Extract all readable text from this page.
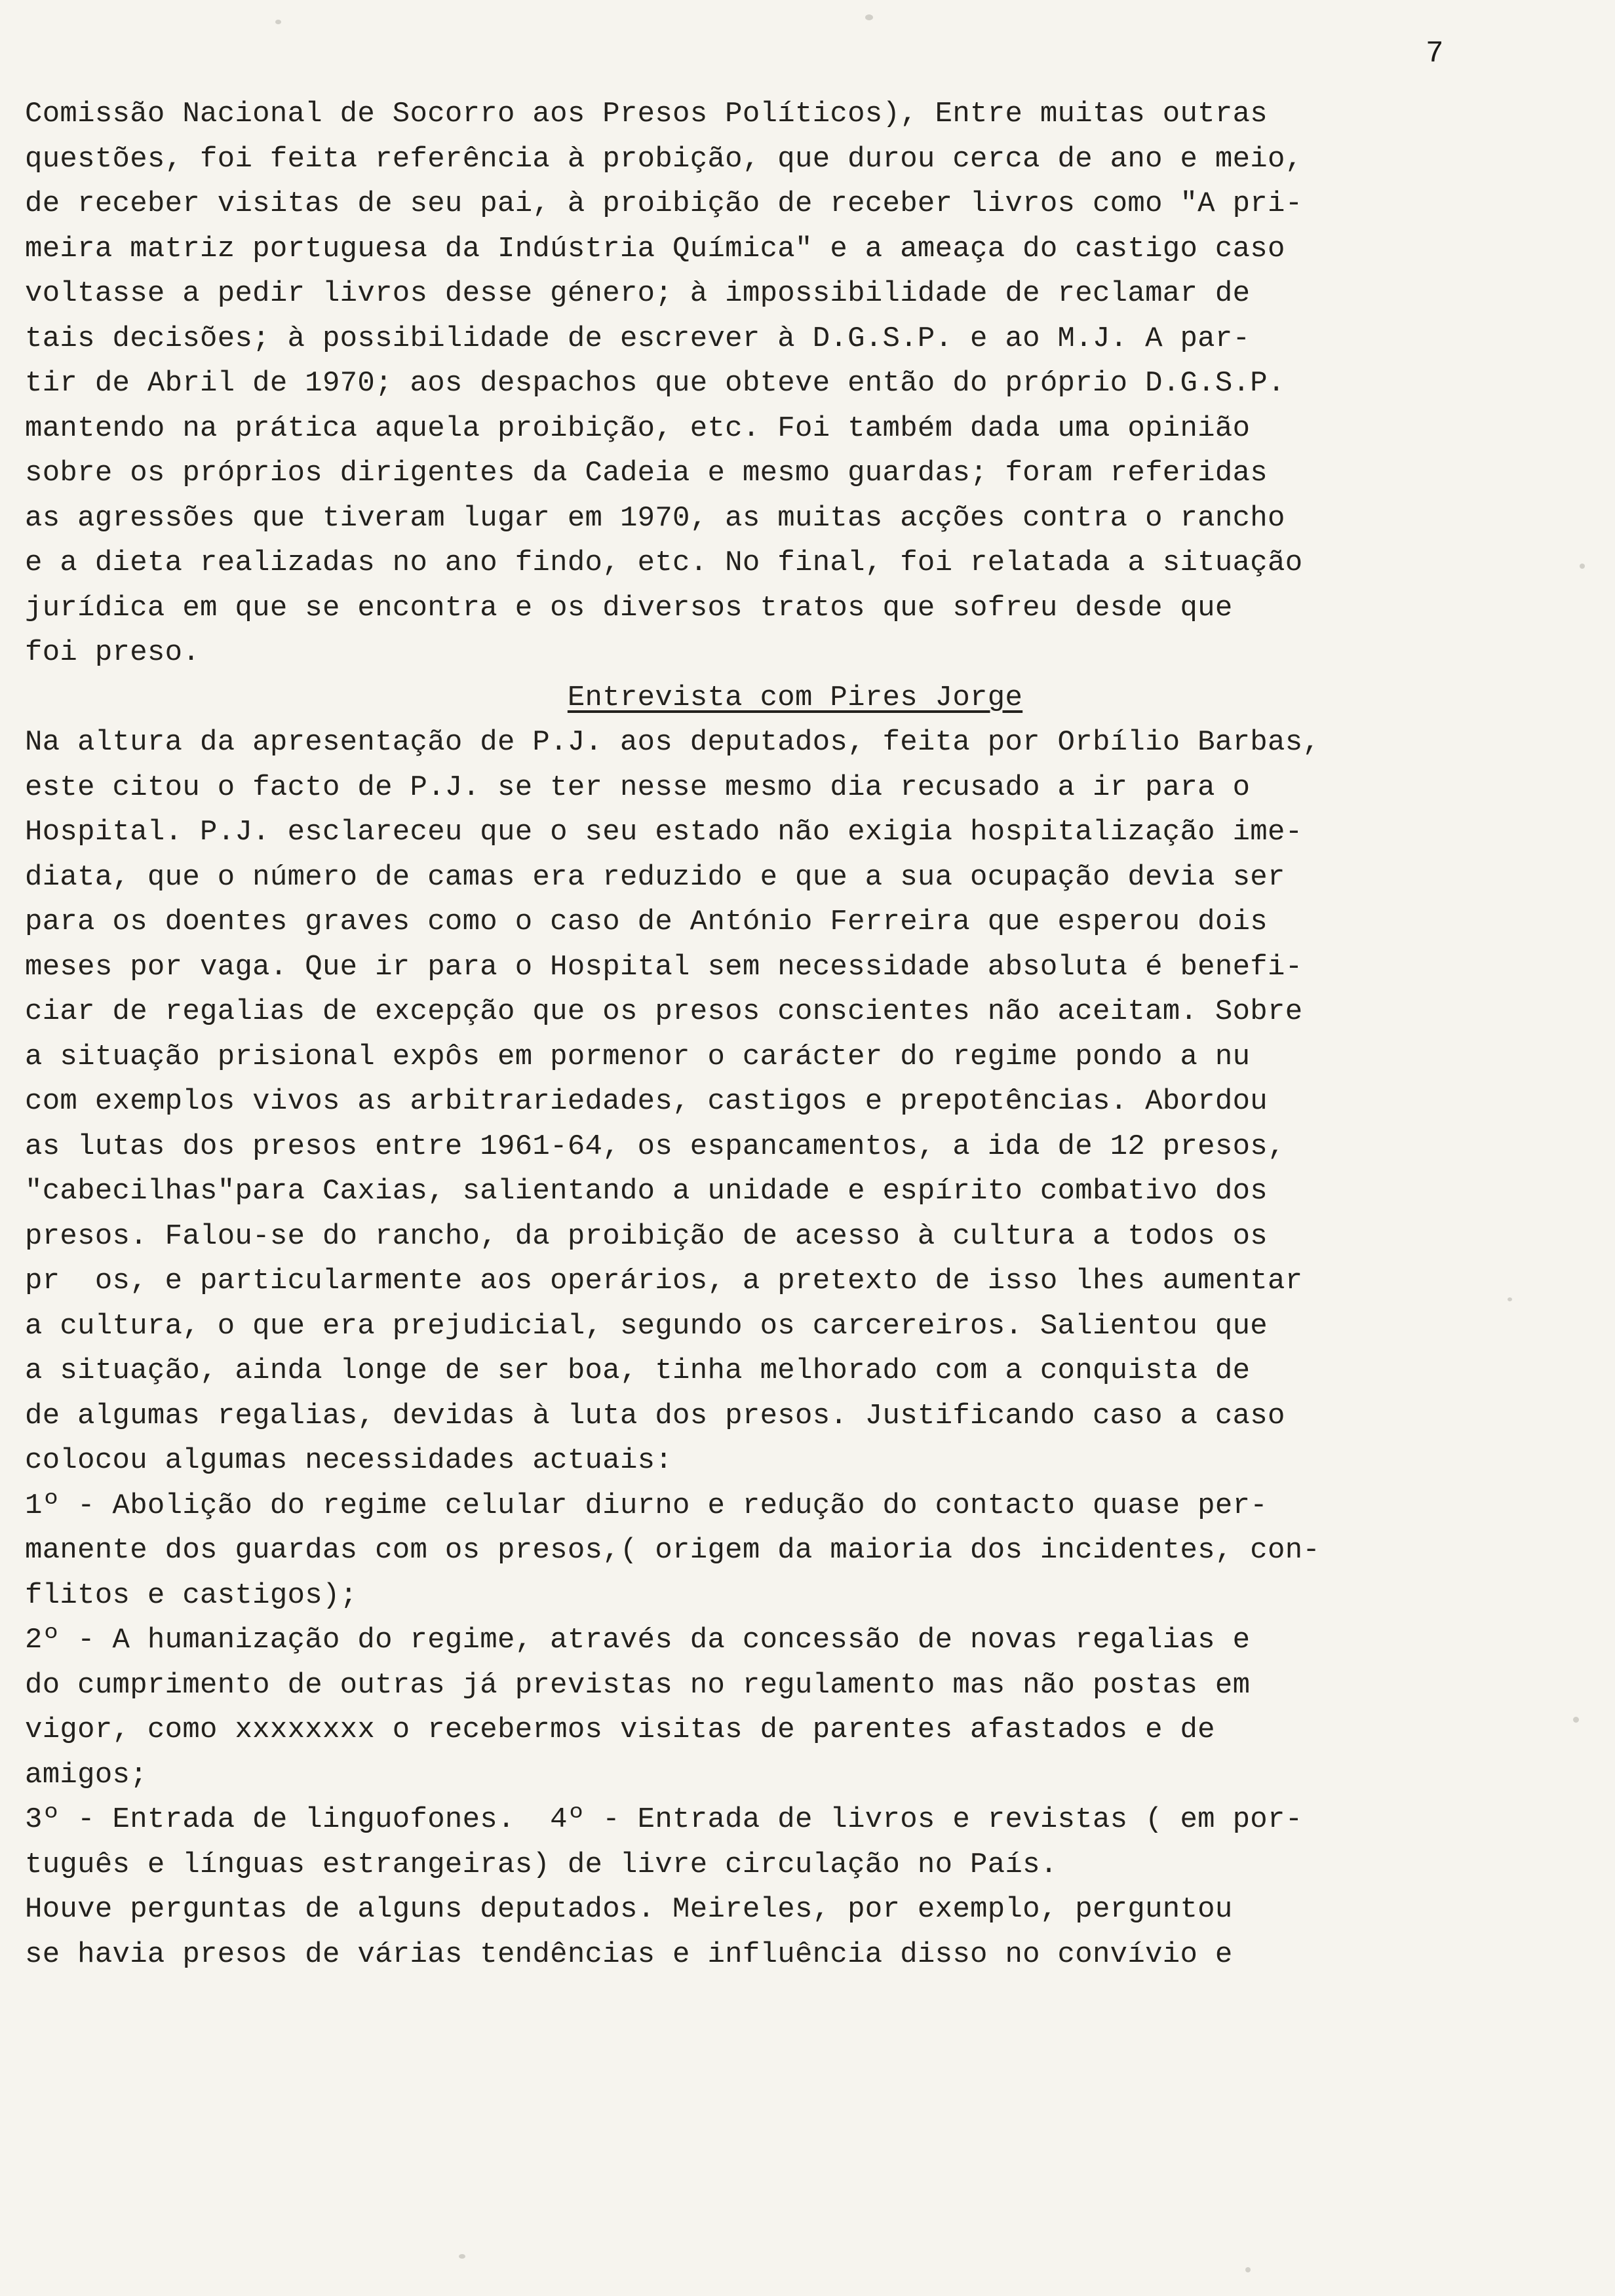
7
Comissão Nacional de Socorro aos Presos Políticos), Entre muitas outras
questões, foi feita referência à probição, que durou cerca de ano e meio,
de receber visitas de seu pai, à proibição de receber livros como "A pri-
meira matriz portuguesa da Indústria Química" e a ameaça do castigo caso
voltasse a pedir livros desse género; à impossibilidade de reclamar de
tais decisões; à possibilidade de escrever à D.G.S.P. e ao M.J. A par-
tir de Abril de 1970; aos despachos que obteve então do próprio D.G.S.P.
mantendo na prática aquela proibição, etc. Foi também dada uma opinião
sobre os próprios dirigentes da Cadeia e mesmo guardas; foram referidas
as agressões que tiveram lugar em 1970, as muitas acções contra o rancho
e a dieta realizadas no ano findo, etc. No final, foi relatada a situação
jurídica em que se encontra e os diversos tratos que sofreu desde que
foi preso.
Entrevista com Pires Jorge
Na altura da apresentação de P.J. aos deputados, feita por Orbílio Barbas,
este citou o facto de P.J. se ter nesse mesmo dia recusado a ir para o
Hospital. P.J. esclareceu que o seu estado não exigia hospitalização ime-
diata, que o número de camas era reduzido e que a sua ocupação devia ser
para os doentes graves como o caso de António Ferreira que esperou dois
meses por vaga. Que ir para o Hospital sem necessidade absoluta é benefi-
ciar de regalias de excepção que os presos conscientes não aceitam. Sobre
a situação prisional expôs em pormenor o carácter do regime pondo a nu
com exemplos vivos as arbitrariedades, castigos e prepotências. Abordou
as lutas dos presos entre 1961-64, os espancamentos, a ida de 12 presos,
"cabecilhas"para Caxias, salientando a unidade e espírito combativo dos
presos. Falou-se do rancho, da proibição de acesso à cultura a todos os
pr  os, e particularmente aos operários, a pretexto de isso lhes aumentar
a cultura, o que era prejudicial, segundo os carcereiros. Salientou que
a situação, ainda longe de ser boa, tinha melhorado com a conquista de
de algumas regalias, devidas à luta dos presos. Justificando caso a caso
colocou algumas necessidades actuais:
1º - Abolição do regime celular diurno e redução do contacto quase per-
manente dos guardas com os presos,( origem da maioria dos incidentes, con-
flitos e castigos);
2º - A humanização do regime, através da concessão de novas regalias e
do cumprimento de outras já previstas no regulamento mas não postas em
vigor, como xxxxxxxx o recebermos visitas de parentes afastados e de
amigos;
3º - Entrada de linguofones.  4º - Entrada de livros e revistas ( em por-
tuguês e línguas estrangeiras) de livre circulação no País.
Houve perguntas de alguns deputados. Meireles, por exemplo, perguntou
se havia presos de várias tendências e influência disso no convívio e
